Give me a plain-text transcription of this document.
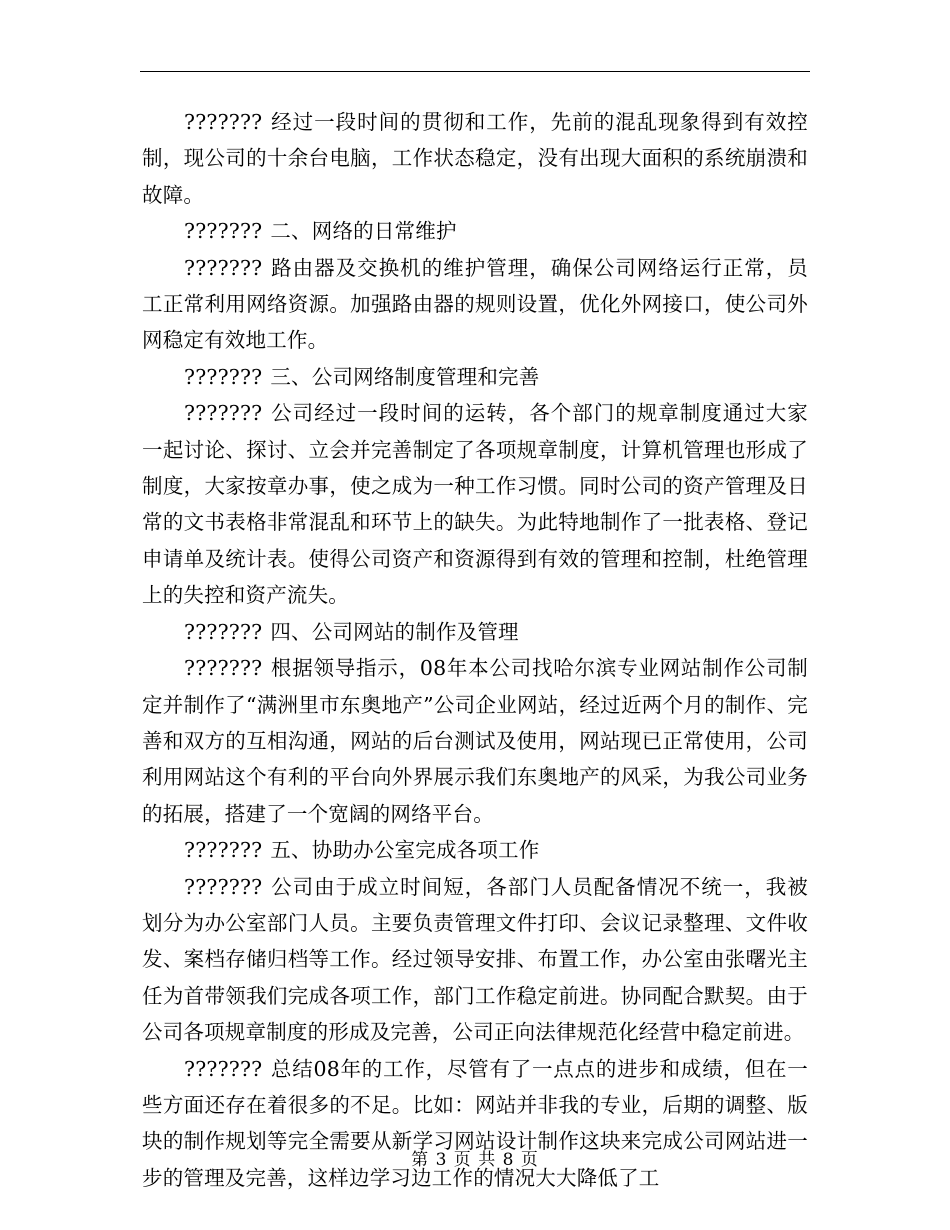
??????? 经过一段时间的贯彻和工作，先前的混乱现象得到有效控制，现公司的十余台电脑，工作状态稳定，没有出现大面积的系统崩溃和故障。

??????? 二、网络的日常维护

??????? 路由器及交换机的维护管理，确保公司网络运行正常，员工正常利用网络资源。加强路由器的规则设置，优化外网接口，使公司外网稳定有效地工作。

??????? 三、公司网络制度管理和完善

??????? 公司经过一段时间的运转，各个部门的规章制度通过大家一起讨论、探讨、立会并完善制定了各项规章制度，计算机管理也形成了制度，大家按章办事，使之成为一种工作习惯。同时公司的资产管理及日常的文书表格非常混乱和环节上的缺失。为此特地制作了一批表格、登记申请单及统计表。使得公司资产和资源得到有效的管理和控制，杜绝管理上的失控和资产流失。

??????? 四、公司网站的制作及管理

??????? 根据领导指示，08年本公司找哈尔滨专业网站制作公司制定并制作了“满洲里市东奥地产”公司企业网站，经过近两个月的制作、完善和双方的互相沟通，网站的后台测试及使用，网站现已正常使用，公司利用网站这个有利的平台向外界展示我们东奥地产的风采，为我公司业务的拓展，搭建了一个宽阔的网络平台。

??????? 五、协助办公室完成各项工作

??????? 公司由于成立时间短，各部门人员配备情况不统一，我被划分为办公室部门人员。主要负责管理文件打印、会议记录整理、文件收发、案档存储归档等工作。经过领导安排、布置工作，办公室由张曙光主任为首带领我们完成各项工作，部门工作稳定前进。协同配合默契。由于公司各项规章制度的形成及完善，公司正向法律规范化经营中稳定前进。

??????? 总结08年的工作，尽管有了一点点的进步和成绩，但在一些方面还存在着很多的不足。比如：网站并非我的专业，后期的调整、版块的制作规划等完全需要从新学习网站设计制作这块来完成公司网站进一步的管理及完善，这样边学习边工作的情况大大降低了工

第 3 页 共 8 页
